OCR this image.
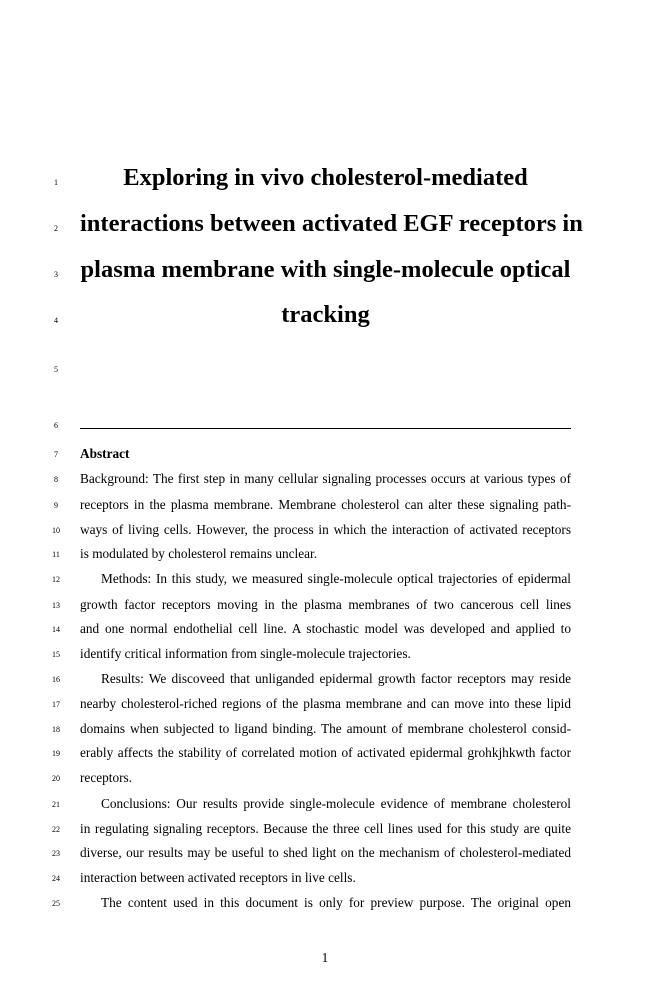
1
2
3
4
5
6
7
8
9
10
11
12
13
14
15
16
17
18
19
20
21
22
23
24
25
Exploring in vivo cholesterol-mediated
interactions between activated EGF receptors in
plasma membrane with single-molecule optical
tracking
Abstract
Background: The first step in many cellular signaling processes occurs at various types of
receptors in the plasma membrane. Membrane cholesterol can alter these signaling path-
ways of living cells. However, the process in which the interaction of activated receptors
is modulated by cholesterol remains unclear.
Methods: In this study, we measured single-molecule optical trajectories of epidermal
growth factor receptors moving in the plasma membranes of two cancerous cell lines
and one normal endothelial cell line. A stochastic model was developed and applied to
identify critical information from single-molecule trajectories.
Results: We discoveed that unliganded epidermal growth factor receptors may reside
nearby cholesterol-riched regions of the plasma membrane and can move into these lipid
domains when subjected to ligand binding. The amount of membrane cholesterol consid-
erably affects the stability of correlated motion of activated epidermal grohkjhkwth factor
receptors.
Conclusions: Our results provide single-molecule evidence of membrane cholesterol
in regulating signaling receptors. Because the three cell lines used for this study are quite
diverse, our results may be useful to shed light on the mechanism of cholesterol-mediated
interaction between activated receptors in live cells.
The content used in this document is only for preview purpose. The original open
1
